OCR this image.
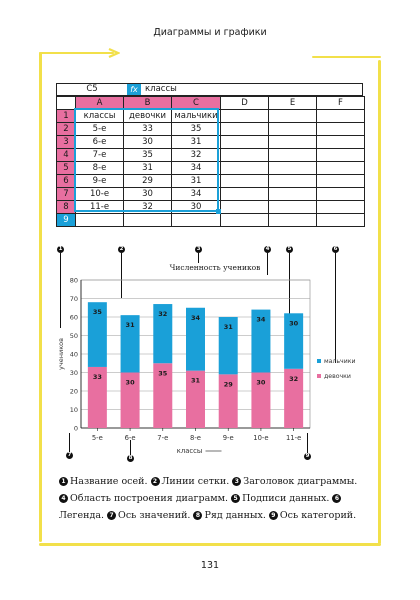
Диаграммы и графики
C5	fx классы
	A	B	C	D	E	F
1	классы	девочки	мальчики			
2	5-е	33	35			
3	6-е	30	31			
4	7-е	35	32			
5	8-е	31	34			
6	9-е	29	31			
7	10-е	30	34			
8	11-е	32	30			
9						
1	2	3	4	5	6
7	8	9
Численность учеников
0
10
20
30
40
50
60
70
80
33
35
5-е
30
31
6-е
35
32
7-е
31
34
8-е
29
31
9-е
30
34
10-е
32
30
11-е
учеников
классы
мальчики
девочки
1 Название осей. 2 Линии сетки. 3 Заголовок диаграммы. 4 Область построения диаграмм. 5 Подписи данных. 6Легенда. 7 Ось значений. 8 Ряд данных. 9 Ось категорий.
131
